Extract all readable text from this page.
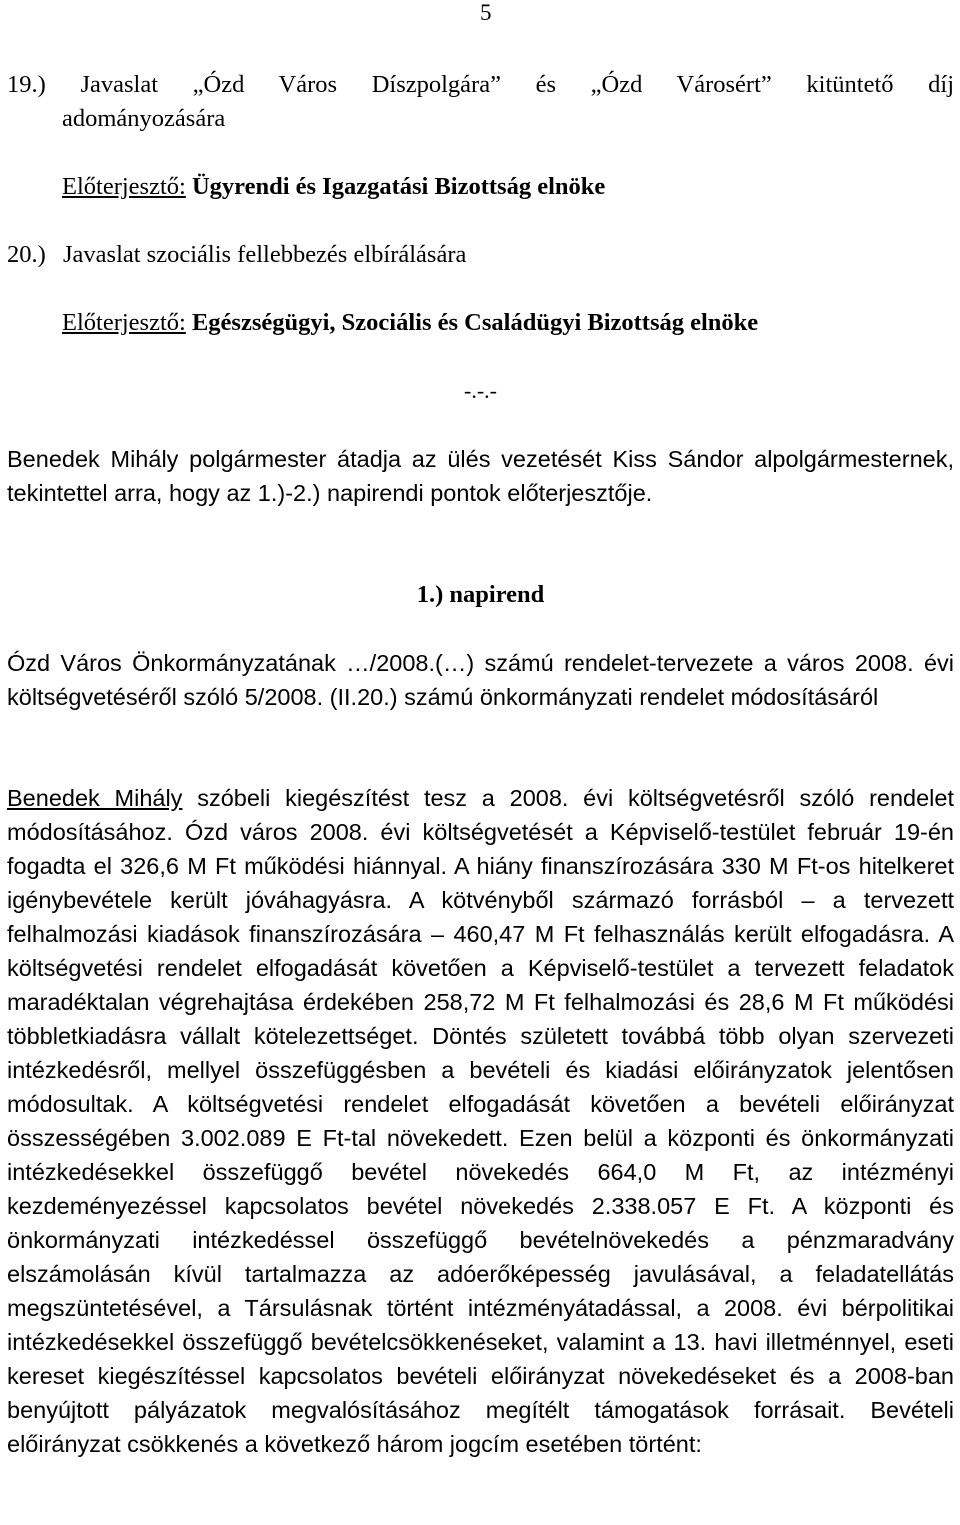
5
19.) Javaslat „Ózd Város Díszpolgára” és „Ózd Városért” kitüntető díj
adományozására
Előterjesztő: Ügyrendi és Igazgatási Bizottság elnöke
20.) Javaslat szociális fellebbezés elbírálására
Előterjesztő: Egészségügyi, Szociális és Családügyi Bizottság elnöke
-.-.-
Benedek Mihály polgármester átadja az ülés vezetését Kiss Sándor alpolgármesternek, tekintettel arra, hogy az 1.)-2.) napirendi pontok előterjesztője.
1.) napirend
Ózd Város Önkormányzatának …/2008.(…) számú rendelet-tervezete a város 2008. évi költségvetéséről szóló 5/2008. (II.20.) számú önkormányzati rendelet módosításáról
Benedek Mihály szóbeli kiegészítést tesz a 2008. évi költségvetésről szóló rendelet módosításához. Ózd város 2008. évi költségvetését a Képviselő-testület február 19-én fogadta el 326,6 M Ft működési hiánnyal. A hiány finanszírozására 330 M Ft-os hitelkeret igénybevétele került jóváhagyásra. A kötvényből származó forrásból – a tervezett felhalmozási kiadások finanszírozására – 460,47 M Ft felhasználás került elfogadásra. A költségvetési rendelet elfogadását követően a Képviselő-testület a tervezett feladatok maradéktalan végrehajtása érdekében 258,72 M Ft felhalmozási és 28,6 M Ft működési többletkiadásra vállalt kötelezettséget. Döntés született továbbá több olyan szervezeti intézkedésről, mellyel összefüggésben a bevételi és kiadási előirányzatok jelentősen módosultak. A költségvetési rendelet elfogadását követően a bevételi előirányzat összességében 3.002.089 E Ft-tal növekedett. Ezen belül a központi és önkormányzati intézkedésekkel összefüggő bevétel növekedés 664,0 M Ft, az intézményi kezdeményezéssel kapcsolatos bevétel növekedés 2.338.057 E Ft. A központi és önkormányzati intézkedéssel összefüggő bevételnövekedés a pénzmaradvány elszámolásán kívül tartalmazza az adóerőképesség javulásával, a feladatellátás megszüntetésével, a Társulásnak történt intézményátadással, a 2008. évi bérpolitikai intézkedésekkel összefüggő bevételcsökkenéseket, valamint a 13. havi illetménnyel, eseti kereset kiegészítéssel kapcsolatos bevételi előirányzat növekedéseket és a 2008-ban benyújtott pályázatok megvalósításához megítélt támogatások forrásait. Bevételi előirányzat csökkenés a következő három jogcím esetében történt:
